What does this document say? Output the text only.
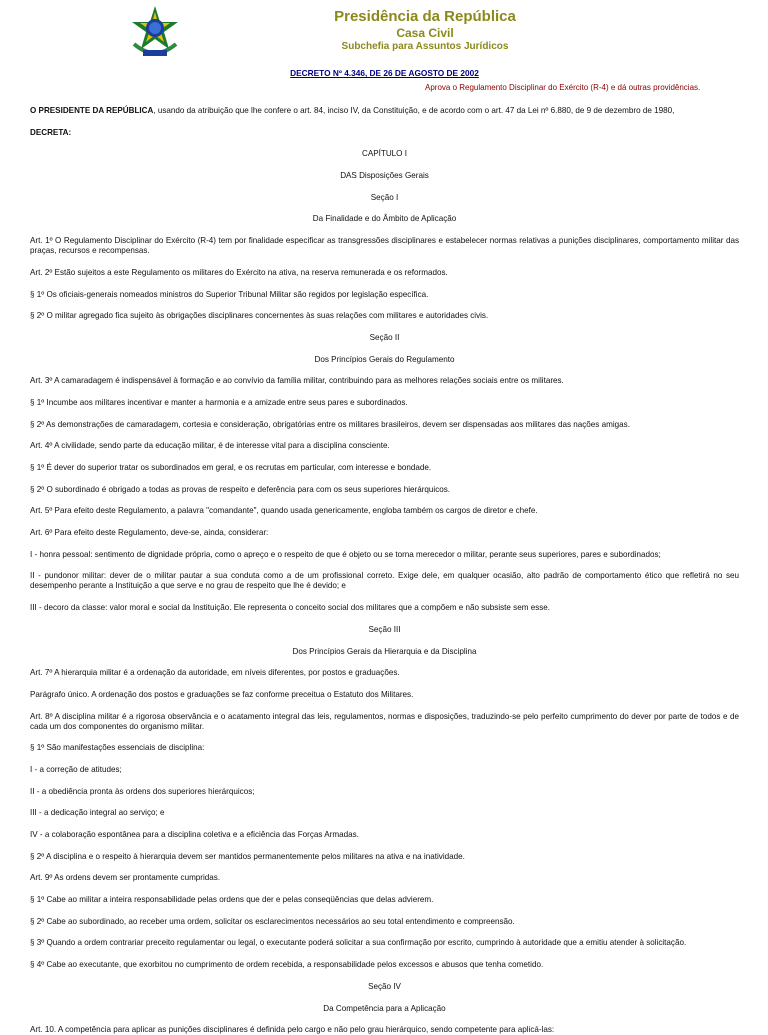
Presidência da República
Casa Civil
Subchefia para Assuntos Jurídicos
DECRETO Nº 4.346, DE 26 DE AGOSTO DE 2002
Aprova o Regulamento Disciplinar do Exército (R-4) e dá outras providências.

O PRESIDENTE DA REPÚBLICA, usando da atribuição que lhe confere o art. 84, inciso IV, da Constituição, e de acordo com o art. 47 da Lei nº 6.880, de 9 de dezembro de 1980,

DECRETA:

CAPÍTULO I

DAS Disposições Gerais

Seção I

Da Finalidade e do Âmbito de Aplicação

Art. 1º O Regulamento Disciplinar do Exército (R-4) tem por finalidade especificar as transgressões disciplinares e estabelecer normas relativas a punições disciplinares, comportamento militar das praças, recursos e recompensas.

Art. 2º Estão sujeitos a este Regulamento os militares do Exército na ativa, na reserva remunerada e os reformados.

§ 1º Os oficiais-generais nomeados ministros do Superior Tribunal Militar são regidos por legislação específica.

§ 2º O militar agregado fica sujeito às obrigações disciplinares concernentes às suas relações com militares e autoridades civis.

Seção II

Dos Princípios Gerais do Regulamento

Art. 3º A camaradagem é indispensável à formação e ao convívio da família militar, contribuindo para as melhores relações sociais entre os militares.

§ 1º Incumbe aos militares incentivar e manter a harmonia e a amizade entre seus pares e subordinados.

§ 2º As demonstrações de camaradagem, cortesia e consideração, obrigatórias entre os militares brasileiros, devem ser dispensadas aos militares das nações amigas.

Art. 4º A civilidade, sendo parte da educação militar, é de interesse vital para a disciplina consciente.

§ 1º É dever do superior tratar os subordinados em geral, e os recrutas em particular, com interesse e bondade.

§ 2º O subordinado é obrigado a todas as provas de respeito e deferência para com os seus superiores hierárquicos.

Art. 5º Para efeito deste Regulamento, a palavra "comandante", quando usada genericamente, engloba também os cargos de diretor e chefe.

Art. 6º Para efeito deste Regulamento, deve-se, ainda, considerar:

I - honra pessoal: sentimento de dignidade própria, como o apreço e o respeito de que é objeto ou se torna merecedor o militar, perante seus superiores, pares e subordinados;

II - pundonor militar: dever de o militar pautar a sua conduta como a de um profissional correto. Exige dele, em qualquer ocasião, alto padrão de comportamento ético que refletirá no seu desempenho perante a Instituição a que serve e no grau de respeito que lhe é devido; e

III - decoro da classe: valor moral e social da Instituição. Ele representa o conceito social dos militares que a compõem e não subsiste sem esse.

Seção III

Dos Princípios Gerais da Hierarquia e da Disciplina

Art. 7º A hierarquia militar é a ordenação da autoridade, em níveis diferentes, por postos e graduações.

Parágrafo único. A ordenação dos postos e graduações se faz conforme preceitua o Estatuto dos Militares.

Art. 8º A disciplina militar é a rigorosa observância e o acatamento integral das leis, regulamentos, normas e disposições, traduzindo-se pelo perfeito cumprimento do dever por parte de todos e de cada um dos componentes do organismo militar.

§ 1º São manifestações essenciais de disciplina:

I - a correção de atitudes;

II - a obediência pronta às ordens dos superiores hierárquicos;

III - a dedicação integral ao serviço; e

IV - a colaboração espontânea para a disciplina coletiva e a eficiência das Forças Armadas.

§ 2º A disciplina e o respeito à hierarquia devem ser mantidos permanentemente pelos militares na ativa e na inatividade.

Art. 9º As ordens devem ser prontamente cumpridas.

§ 1º Cabe ao militar a inteira responsabilidade pelas ordens que der e pelas conseqüências que delas advierem.

§ 2º Cabe ao subordinado, ao receber uma ordem, solicitar os esclarecimentos necessários ao seu total entendimento e compreensão.

§ 3º Quando a ordem contrariar preceito regulamentar ou legal, o executante poderá solicitar a sua confirmação por escrito, cumprindo à autoridade que a emitiu atender à solicitação.

§ 4º Cabe ao executante, que exorbitou no cumprimento de ordem recebida, a responsabilidade pelos excessos e abusos que tenha cometido.

Seção IV

Da Competência para a Aplicação

Art. 10. A competência para aplicar as punições disciplinares é definida pelo cargo e não pelo grau hierárquico, sendo competente para aplicá-las:
